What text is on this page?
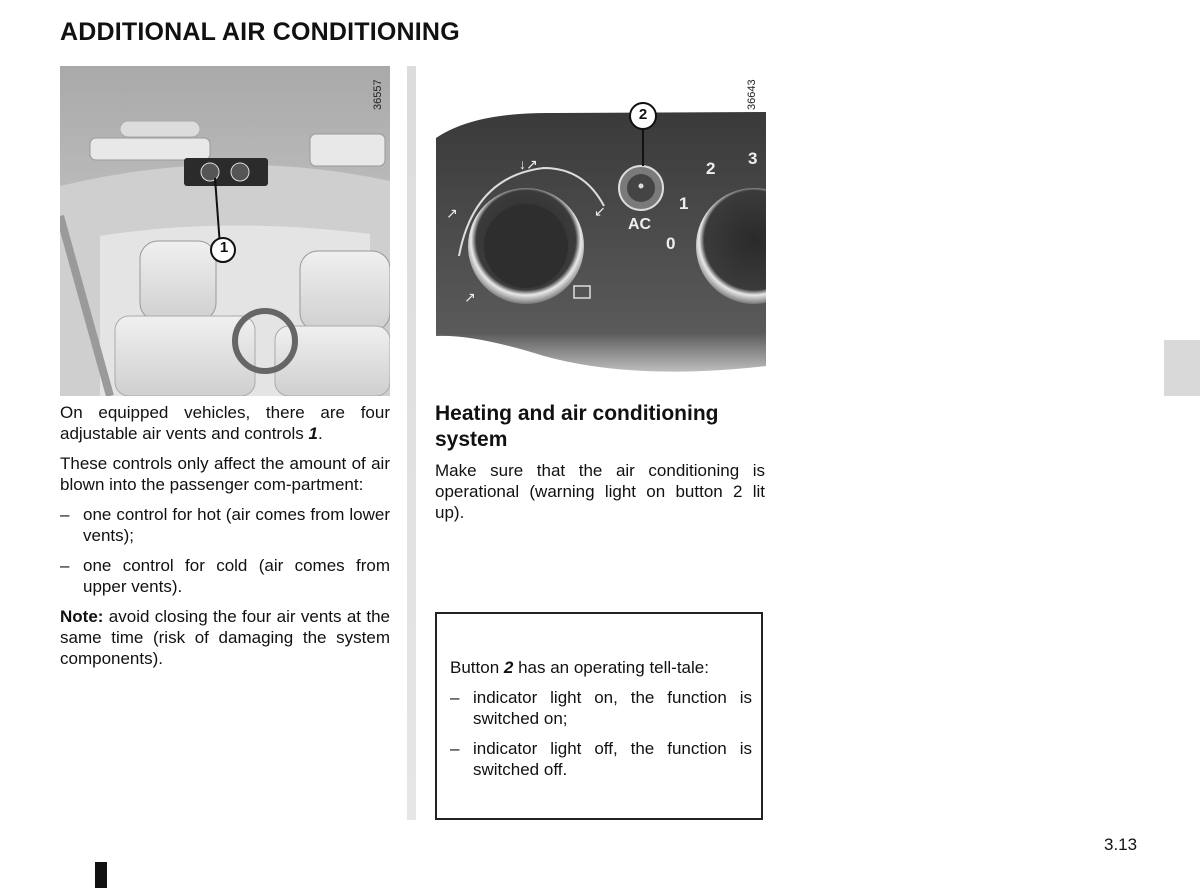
ADDITIONAL AIR CONDITIONING
1
36557
↓↗
↗
↗
↙
2
AC
0
1
2
3
36643

On equipped vehicles, there are four adjustable air vents and controls 1.

These controls only affect the amount of air blown into the passenger com-partment:

– one control for hot (air comes from lower vents);
– one control for cold (air comes from upper vents).

Note: avoid closing the four air vents at the same time (risk of damaging the system components).

Heating and air conditioning system

Make sure that the air conditioning is operational (warning light on button 2 lit up).

Button 2 has an operating tell-tale:

– indicator light on, the function is switched on;
– indicator light off, the function is switched off.
3.13
